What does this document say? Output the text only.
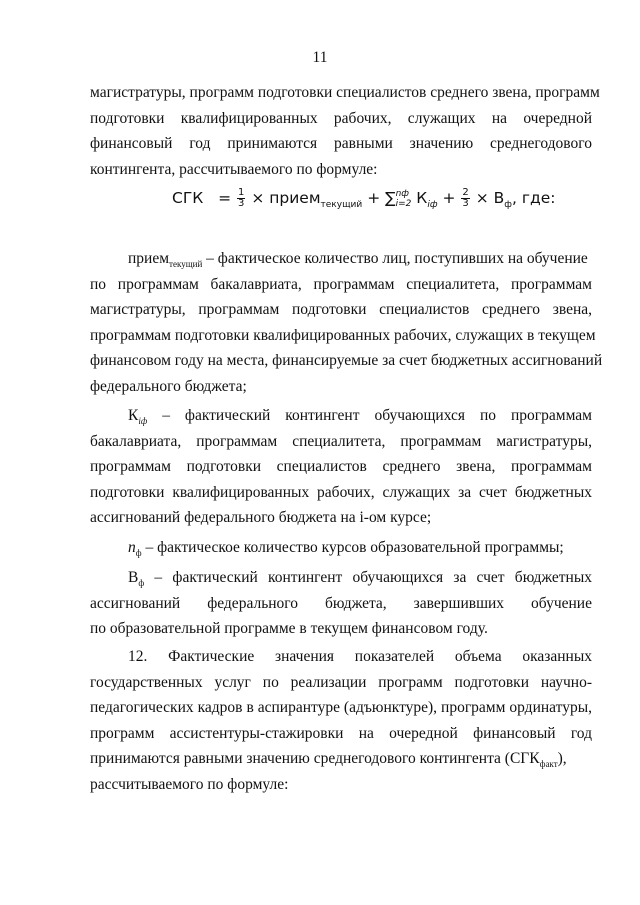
11
магистратуры, программ подготовки специалистов среднего звена, программ
подготовки квалифицированных рабочих, служащих на очередной
финансовый год принимаются равными значению среднегодового
контингента, рассчитываемого по формуле:
СГК = $\frac{1}{3}$ × прием$_{текущий}$ + ∑ nф
i=2 $К_{iф} + \frac{2}{3} \times В_ф$, где:
прием$_{текущий}$ – фактическое количество лиц, поступивших на обучение
по программам бакалавриата, программам специалитета, программам
магистратуры, программам подготовки специалистов среднего звена,
программам подготовки квалифицированных рабочих, служащих в текущем
финансовом году на места, финансируемые за счет бюджетных ассигнований
федерального бюджета;
$К_{iф}$ – фактический контингент обучающихся по программам
бакалавриата, программам специалитета, программам магистратуры,
программам подготовки специалистов среднего звена, программам
подготовки квалифицированных рабочих, служащих за счет бюджетных
ассигнований федерального бюджета на i-ом курсе;
$n_ф$ – фактическое количество курсов образовательной программы;
$В_ф$ – фактический контингент обучающихся за счет бюджетных
ассигнований федерального бюджета, завершивших обучение
по образовательной программе в текущем финансовом году.
12. Фактические значения показателей объема оказанных
государственных услуг по реализации программ подготовки научно-
педагогических кадров в аспирантуре (адъюнктуре), программ ординатуры,
программ ассистентуры-стажировки на очередной финансовый год
принимаются равными значению среднегодового контингента $(СГК_{факт})$,
рассчитываемого по формуле:
